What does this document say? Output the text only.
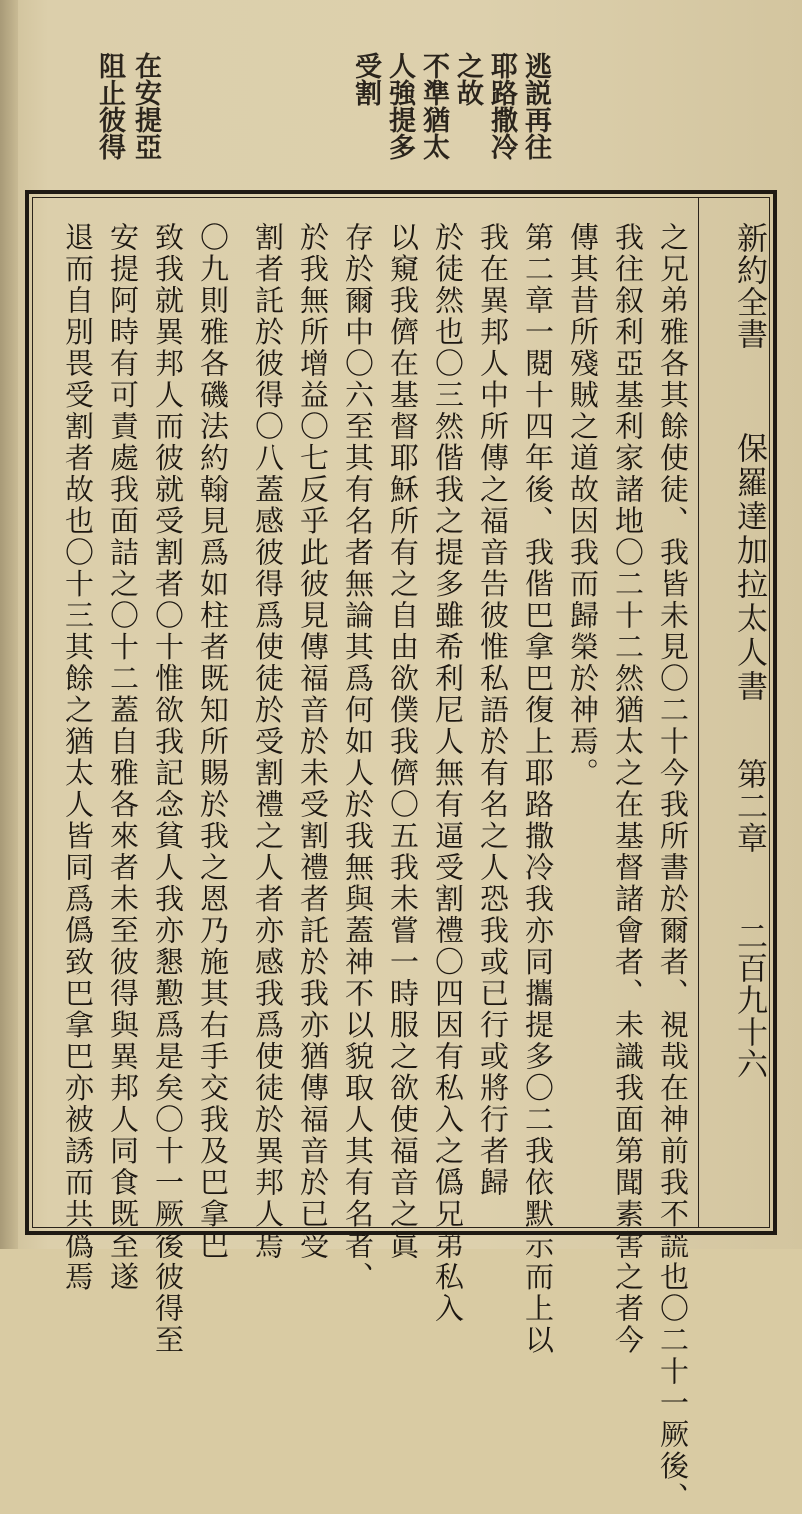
在安提亞
阻止彼得	逃説再往
耶路撒冷
之故
不準猶太
人強提多
受割
新約全書
保羅達加拉太人書
第二章
二百九十六
之兄弟雅各其餘使徒、我皆未見〇二十今我所書於爾者、視哉在神前我不謊也〇二十一厥後、
我往叙利亞基利家諸地〇二十二然猶太之在基督諸會者、未識我面第聞素害之者今
傳其昔所殘賊之道故因我而歸榮於神焉。
第二章一閱十四年後、我偕巴拿巴復上耶路撒冷我亦同攜提多〇二我依默示而上以
我在異邦人中所傳之福音告彼惟私語於有名之人恐我或已行或將行者歸
於徒然也〇三然偕我之提多雖希利尼人無有逼受割禮〇四因有私入之僞兄弟私入
以窺我儕在基督耶穌所有之自由欲僕我儕〇五我未嘗一時服之欲使福音之眞
存於爾中〇六至其有名者無論其爲何如人於我無與蓋神不以貌取人其有名者、
於我無所增益〇七反乎此彼見傳福音於未受割禮者託於我亦猶傳福音於已受
割者託於彼得〇八蓋感彼得爲使徒於受割禮之人者亦感我爲使徒於異邦人焉
〇九則雅各磯法約翰見爲如柱者既知所賜於我之恩乃施其右手交我及巴拿巴
致我就異邦人而彼就受割者〇十惟欲我記念貧人我亦懇懃爲是矣〇十一厥後彼得至
安提阿時有可責處我面詰之〇十二蓋自雅各來者未至彼得與異邦人同食既至遂
退而自別畏受割者故也〇十三其餘之猶太人皆同爲僞致巴拿巴亦被誘而共僞焉
